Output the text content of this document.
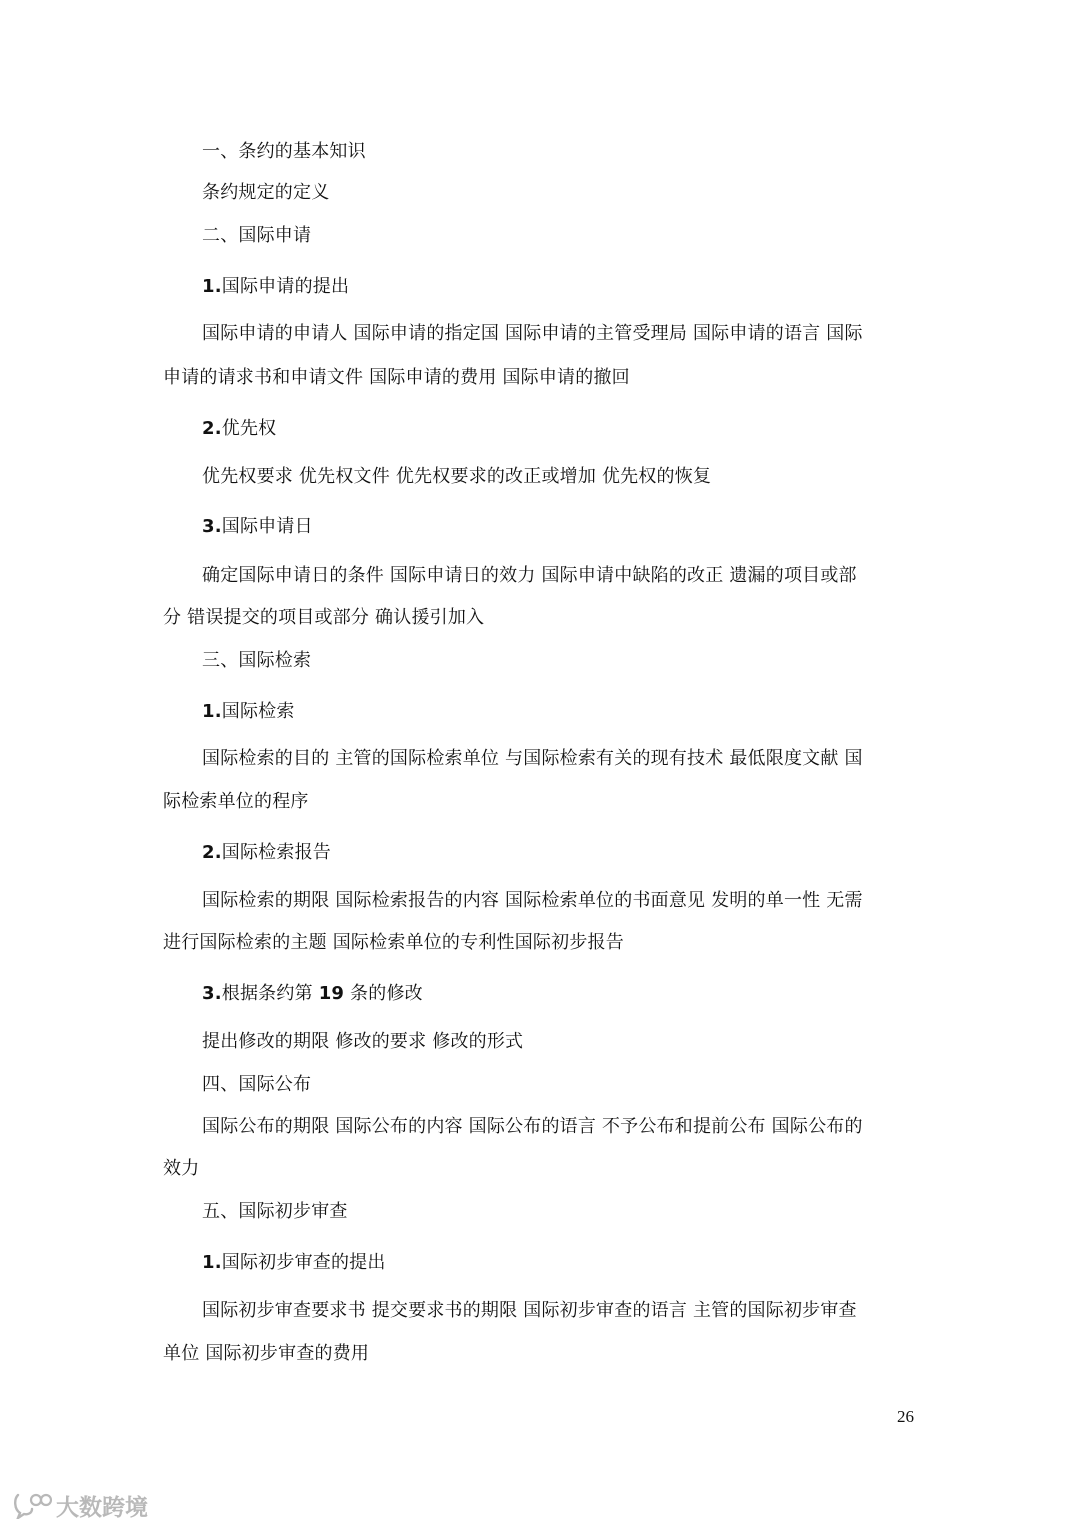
一、条约的基本知识
条约规定的定义
二、国际申请
1.国际申请的提出
国际申请的申请人 国际申请的指定国 国际申请的主管受理局 国际申请的语言 国际
申请的请求书和申请文件 国际申请的费用 国际申请的撤回
2.优先权
优先权要求 优先权文件 优先权要求的改正或增加 优先权的恢复
3.国际申请日
确定国际申请日的条件 国际申请日的效力 国际申请中缺陷的改正 遗漏的项目或部
分 错误提交的项目或部分 确认援引加入
三、国际检索
1.国际检索
国际检索的目的 主管的国际检索单位 与国际检索有关的现有技术 最低限度文献 国
际检索单位的程序
2.国际检索报告
国际检索的期限 国际检索报告的内容 国际检索单位的书面意见 发明的单一性 无需
进行国际检索的主题 国际检索单位的专利性国际初步报告
3.根据条约第 19 条的修改
提出修改的期限 修改的要求 修改的形式
四、国际公布
国际公布的期限 国际公布的内容 国际公布的语言 不予公布和提前公布 国际公布的
效力
五、国际初步审查
1.国际初步审查的提出
国际初步审查要求书 提交要求书的期限 国际初步审查的语言 主管的国际初步审查
单位 国际初步审查的费用
26
大数跨境
